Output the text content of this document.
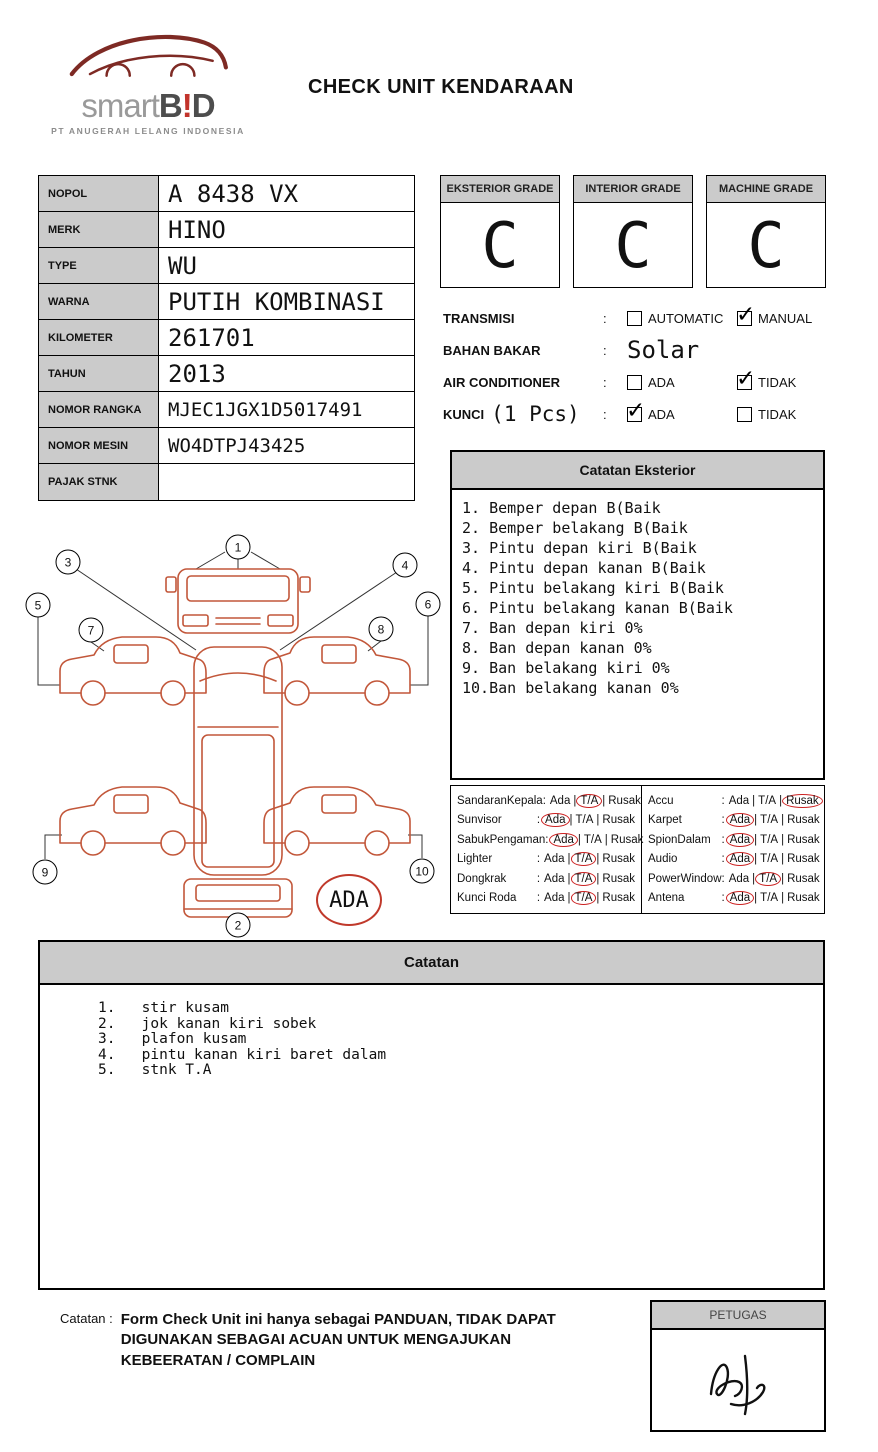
smartB!D
PT ANUGERAH LELANG INDONESIA
CHECK UNIT KENDARAAN
NOPOL	A 8438 VX
MERK	HINO
TYPE	WU
WARNA	PUTIH KOMBINASI
KILOMETER	261701
TAHUN	2013
NOMOR RANGKA	MJEC1JGX1D5017491
NOMOR MESIN	WO4DTPJ43425
PAJAK STNK
EKSTERIOR GRADE
C
INTERIOR GRADE
C
MACHINE GRADE
C
TRANSMISI	:	AUTOMATIC ✓	MANUAL
BAHAN BAKAR	: Solar
AIR CONDITIONER	:	ADA ✓	TIDAK
KUNCI (1 Pcs) : ✓	ADA	TIDAK
Catatan Eksterior
1. Bemper depan B(Baik
2. Bemper belakang B(Baik
3. Pintu depan kiri B(Baik
4. Pintu depan kanan B(Baik
5. Pintu belakang kiri B(Baik
6. Pintu belakang kanan B(Baik
7. Ban depan kiri 0%
8. Ban depan kanan 0%
9. Ban belakang kiri 0%
10.Ban belakang kanan 0%
1
3	4
5	6
7	8
9	10
2
ADA
SandaranKepala : Ada | T/A | Rusak
Sunvisor	: Ada | T/A | Rusak
SabukPengaman : Ada | T/A | Rusak
Lighter	: Ada | T/A | Rusak
Dongkrak	: Ada | T/A | Rusak
Kunci Roda	: Ada | T/A | Rusak
Accu	: Ada | T/A | Rusak
Karpet	: Ada | T/A | Rusak
SpionDalam : Ada | T/A | Rusak
Audio	: Ada | T/A | Rusak
PowerWindow : Ada | T/A | Rusak
Antena	: Ada | T/A | Rusak
Catatan
1.   stir kusam
2.   jok kanan kiri sobek
3.   plafon kusam
4.   pintu kanan kiri baret dalam
5.   stnk T.A
Catatan : Form Check Unit ini hanya sebagai PANDUAN, TIDAK DAPAT DIGUNAKAN SEBAGAI ACUAN UNTUK MENGAJUKAN KEBEERATAN / COMPLAIN
PETUGAS
